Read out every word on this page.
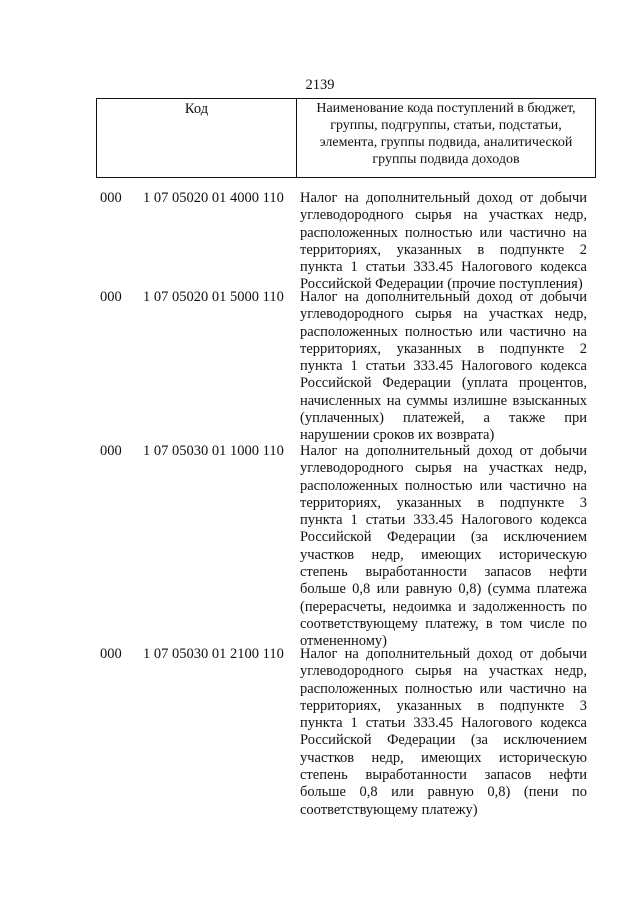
2139
Код	Наименование кода поступлений в бюджет, группы, подгруппы, статьи, подстатьи, элемента, группы подвида, аналитической группы подвида доходов
000 1 07 05020 01 4000 110 Налог на дополнительный доход от добычи
углеводородного сырья на участках недр,
расположенных полностью или частично на
территориях, указанных в подпункте 2
пункта 1 статьи 333.45 Налогового кодекса
Российской Федерации (прочие поступления)
000 1 07 05020 01 5000 110 Налог на дополнительный доход от добычи
углеводородного сырья на участках недр,
расположенных полностью или частично на
территориях, указанных в подпункте 2
пункта 1 статьи 333.45 Налогового кодекса
Российской Федерации (уплата процентов,
начисленных на суммы излишне взысканных
(уплаченных) платежей, а также при
нарушении сроков их возврата)
000 1 07 05030 01 1000 110 Налог на дополнительный доход от добычи
углеводородного сырья на участках недр,
расположенных полностью или частично на
территориях, указанных в подпункте 3
пункта 1 статьи 333.45 Налогового кодекса
Российской Федерации (за исключением
участков недр, имеющих историческую
степень выработанности запасов нефти
больше 0,8 или равную 0,8) (сумма платежа
(перерасчеты, недоимка и задолженность по
соответствующему платежу, в том числе по
отмененному)
000 1 07 05030 01 2100 110 Налог на дополнительный доход от добычи
углеводородного сырья на участках недр,
расположенных полностью или частично на
территориях, указанных в подпункте 3
пункта 1 статьи 333.45 Налогового кодекса
Российской Федерации (за исключением
участков недр, имеющих историческую
степень выработанности запасов нефти
больше 0,8 или равную 0,8) (пени по
соответствующему платежу)
